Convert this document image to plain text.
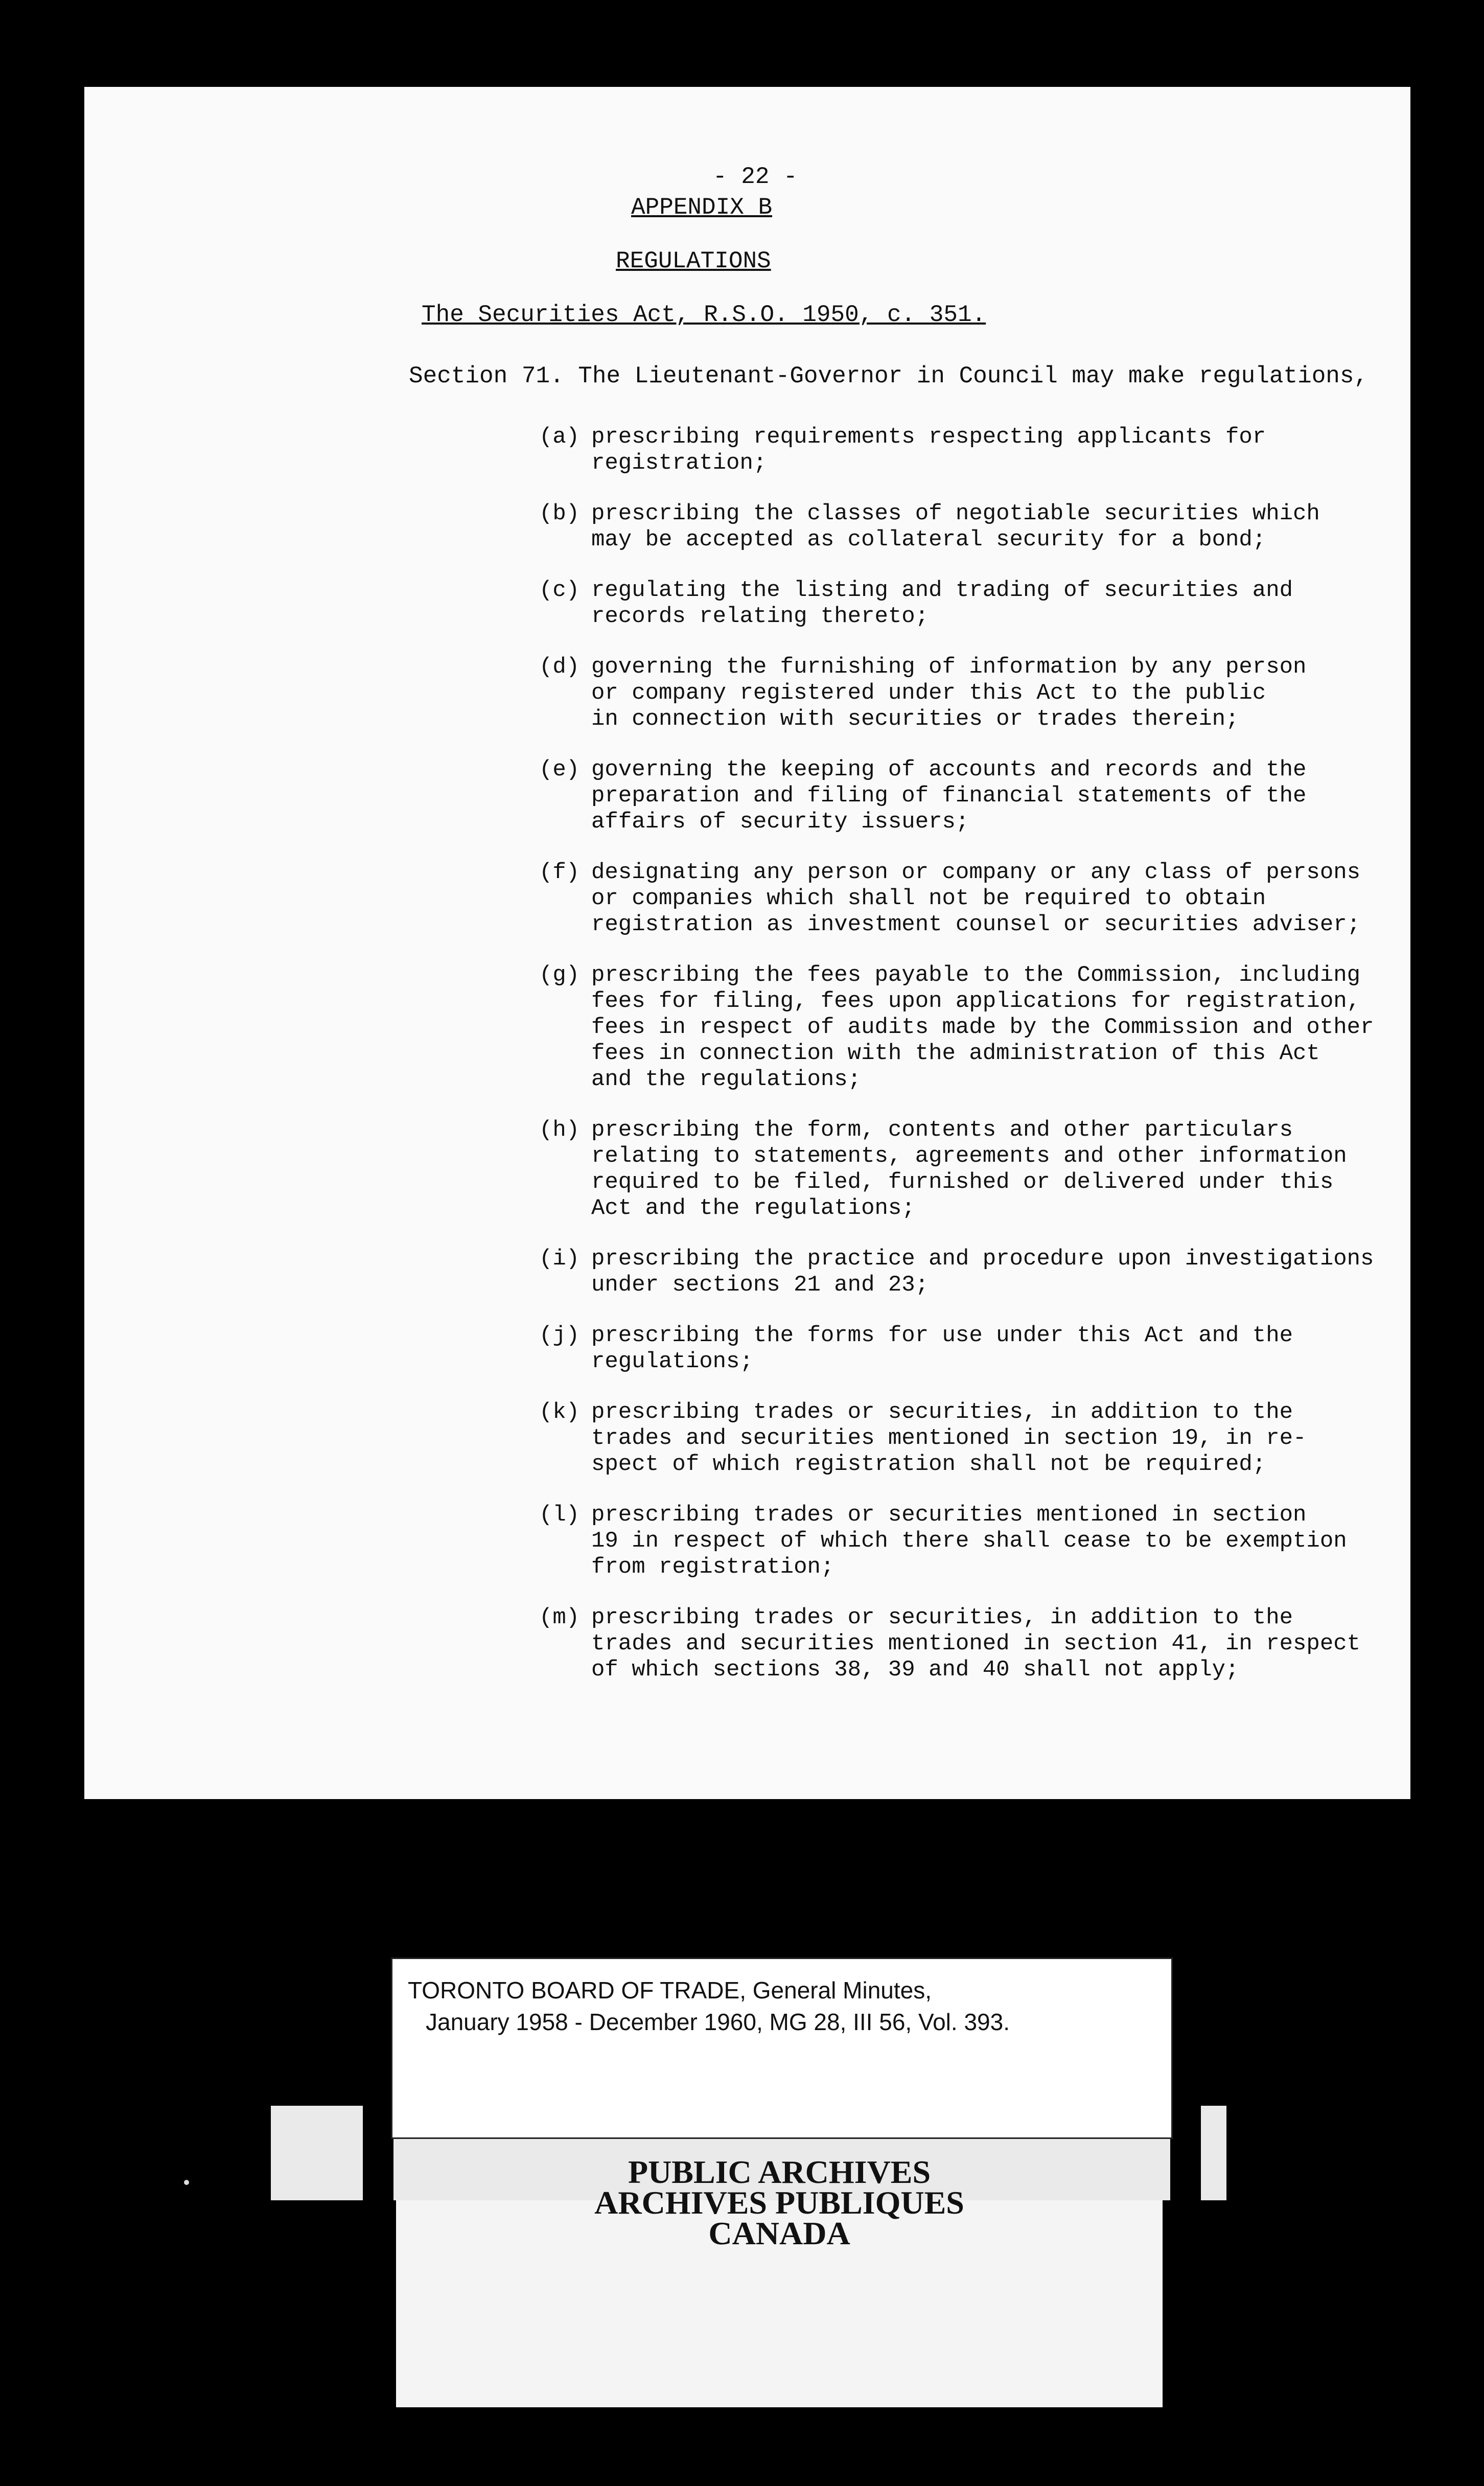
- 22 -
APPENDIX B
REGULATIONS
The Securities Act, R.S.O. 1950, c. 351.
Section 71. The Lieutenant-Governor in Council may make regulations,
(a) prescribing requirements respecting applicants for
registration;
(b) prescribing the classes of negotiable securities which
may be accepted as collateral security for a bond;
(c) regulating the listing and trading of securities and
records relating thereto;
(d) governing the furnishing of information by any person
or company registered under this Act to the public
in connection with securities or trades therein;
(e) governing the keeping of accounts and records and the
preparation and filing of financial statements of the
affairs of security issuers;
(f) designating any person or company or any class of persons
or companies which shall not be required to obtain
registration as investment counsel or securities adviser;
(g) prescribing the fees payable to the Commission, including
fees for filing, fees upon applications for registration,
fees in respect of audits made by the Commission and other
fees in connection with the administration of this Act
and the regulations;
(h) prescribing the form, contents and other particulars
relating to statements, agreements and other information
required to be filed, furnished or delivered under this
Act and the regulations;
(i) prescribing the practice and procedure upon investigations
under sections 21 and 23;
(j) prescribing the forms for use under this Act and the
regulations;
(k) prescribing trades or securities, in addition to the
trades and securities mentioned in section 19, in re-
spect of which registration shall not be required;
(l) prescribing trades or securities mentioned in section
19 in respect of which there shall cease to be exemption
from registration;
(m) prescribing trades or securities, in addition to the
trades and securities mentioned in section 41, in respect
of which sections 38, 39 and 40 shall not apply;
TORONTO BOARD OF TRADE, General Minutes,
January 1958 - December 1960, MG 28, III 56, Vol. 393.
PUBLIC ARCHIVES
ARCHIVES PUBLIQUES
CANADA
